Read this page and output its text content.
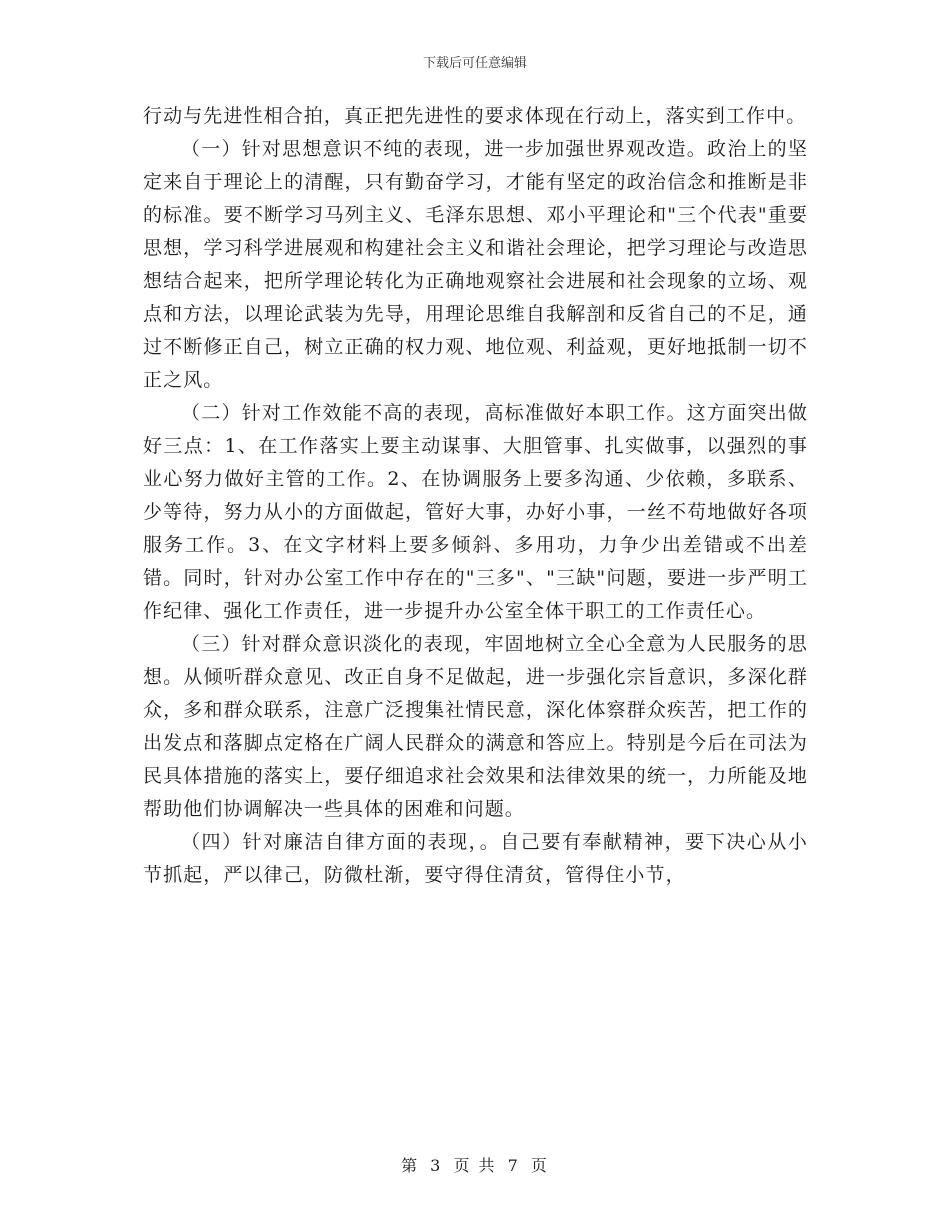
下载后可任意编辑

行动与先进性相合拍，真正把先进性的要求体现在行动上，落实到工作中。

（一）针对思想意识不纯的表现，进一步加强世界观改造。政治上的坚定来自于理论上的清醒，只有勤奋学习，才能有坚定的政治信念和推断是非的标准。要不断学习马列主义、毛泽东思想、邓小平理论和"三个代表"重要思想，学习科学进展观和构建社会主义和谐社会理论，把学习理论与改造思想结合起来，把所学理论转化为正确地观察社会进展和社会现象的立场、观点和方法，以理论武装为先导，用理论思维自我解剖和反省自己的不足，通过不断修正自己，树立正确的权力观、地位观、利益观，更好地抵制一切不正之风。

（二）针对工作效能不高的表现，高标准做好本职工作。这方面突出做好三点：1、在工作落实上要主动谋事、大胆管事、扎实做事，以强烈的事业心努力做好主管的工作。2、在协调服务上要多沟通、少依赖，多联系、少等待，努力从小的方面做起，管好大事，办好小事，一丝不苟地做好各项服务工作。3、在文字材料上要多倾斜、多用功，力争少出差错或不出差错。同时，针对办公室工作中存在的"三多"、"三缺"问题，要进一步严明工作纪律、强化工作责任，进一步提升办公室全体干职工的工作责任心。

（三）针对群众意识淡化的表现，牢固地树立全心全意为人民服务的思想。从倾听群众意见、改正自身不足做起，进一步强化宗旨意识，多深化群众，多和群众联系，注意广泛搜集社情民意，深化体察群众疾苦，把工作的出发点和落脚点定格在广阔人民群众的满意和答应上。特别是今后在司法为民具体措施的落实上，要仔细追求社会效果和法律效果的统一，力所能及地帮助他们协调解决一些具体的困难和问题。

（四）针对廉洁自律方面的表现，。自己要有奉献精神，要下决心从小节抓起，严以律己，防微杜渐，要守得住清贫，管得住小节，

第 3 页 共 7 页
